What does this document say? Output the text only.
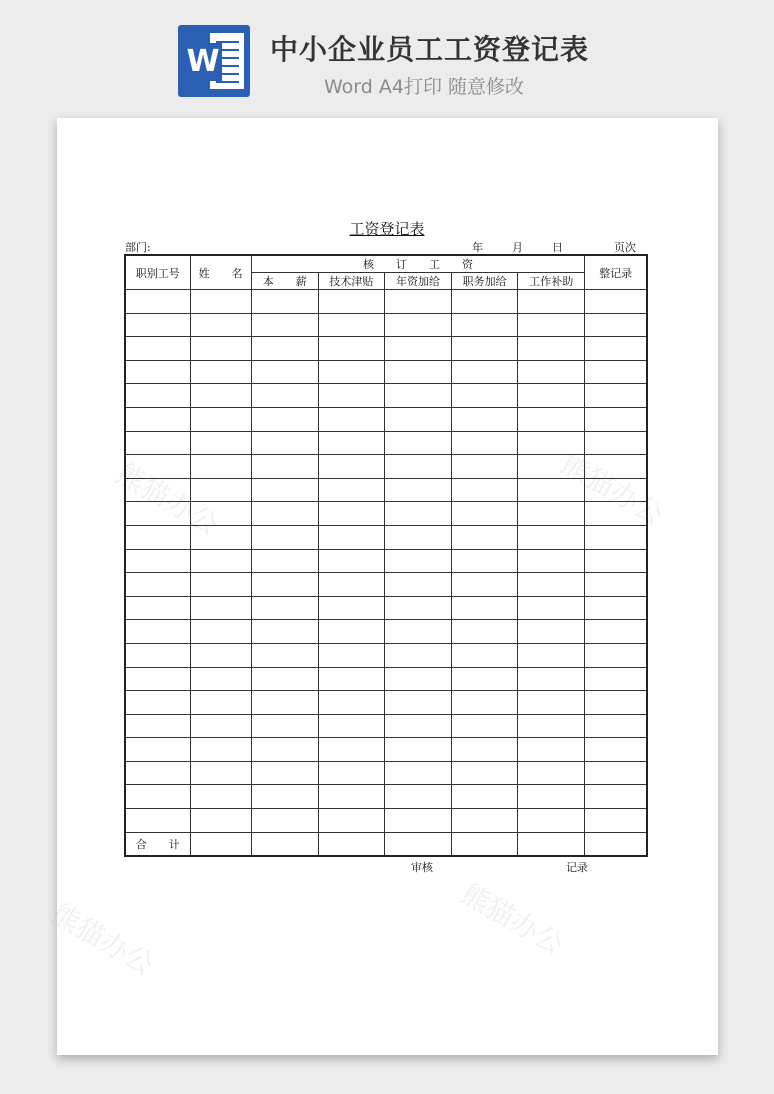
W 中小企业员工工资登记表
Word A4打印 随意修改
熊猫办公	熊猫办公
熊猫办公	熊猫办公
工资登记表
部门:	年	月	日	页次
职别工号	姓　　名	核　　订　　工　　资					整记录
		本　　薪	技术津贴	年资加给	职务加给	工作补助	

合　　计							
审核	记录
